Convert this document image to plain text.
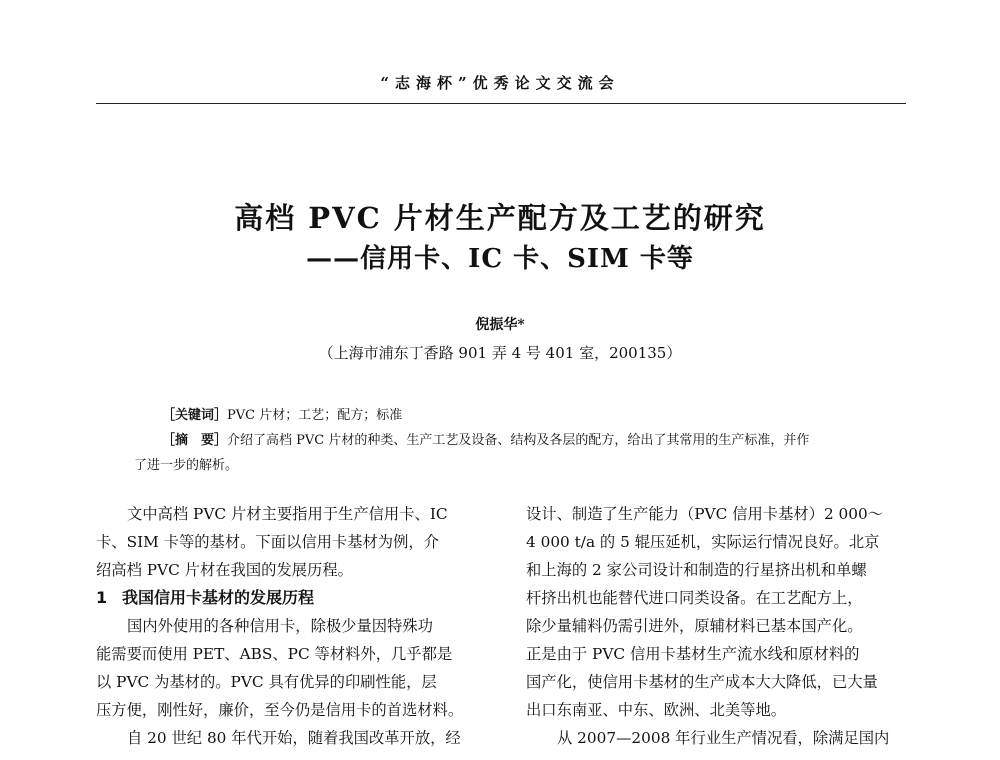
“志海杯”优秀论文交流会
高档 PVC 片材生产配方及工艺的研究
——信用卡、IC 卡、SIM 卡等
倪振华*
（上海市浦东丁香路 901 弄 4 号 401 室，200135）
［关键词］PVC 片材；工艺；配方；标准
［摘　要］介绍了高档 PVC 片材的种类、生产工艺及设备、结构及各层的配方，给出了其常用的生产标准，并作
了进一步的解析。

文中高档 PVC 片材主要指用于生产信用卡、IC

卡、SIM 卡等的基材。下面以信用卡基材为例，介

绍高档 PVC 片材在我国的发展历程。

1 我国信用卡基材的发展历程

国内外使用的各种信用卡，除极少量因特殊功

能需要而使用 PET、ABS、PC 等材料外，几乎都是

以 PVC 为基材的。PVC 具有优异的印刷性能，层

压方便，刚性好，廉价，至今仍是信用卡的首选材料。

自 20 世纪 80 年代开始，随着我国改革开放，经

设计、制造了生产能力（PVC 信用卡基材）2 000～

4 000 t/a 的 5 辊压延机，实际运行情况良好。北京

和上海的 2 家公司设计和制造的行星挤出机和单螺

杆挤出机也能替代进口同类设备。在工艺配方上，

除少量辅料仍需引进外，原辅材料已基本国产化。

正是由于 PVC 信用卡基材生产流水线和原材料的

国产化，使信用卡基材的生产成本大大降低，已大量

出口东南亚、中东、欧洲、北美等地。

从 2007—2008 年行业生产情况看，除满足国内
